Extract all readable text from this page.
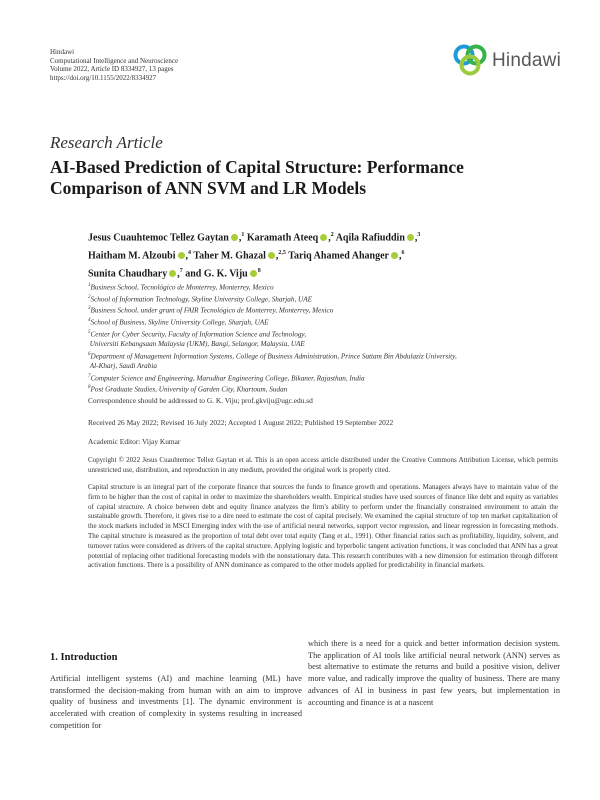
Hindawi
Computational Intelligence and Neuroscience
Volume 2022, Article ID 8334927, 13 pages
https://doi.org/10.1155/2022/8334927
Hindawi
Research Article
AI-Based Prediction of Capital Structure: Performance Comparison of ANN SVM and LR Models
Jesus Cuauhtemoc Tellez Gaytan ,$^1$ Karamath Ateeq ,$^2$ Aqila Rafiuddin ,$^3$
Haitham M. Alzoubi ,$^4$ Taher M. Ghazal ,$^{2,5}$ Tariq Ahamed Ahanger ,$^6$
Sunita Chaudhary ,$^7$ and G. K. Viju $^8$
$^1$Business School, Tecnológico de Monterrey, Monterrey, Mexico
$^2$School of Information Technology, Skyline University College, Sharjah, UAE
$^3$Business School, under grant of FAIR Tecnológico de Monterrey, Monterrey, Mexico
$^4$School of Business, Skyline University College, Sharjah, UAE
$^5$Center for Cyber Security, Faculty of Information Science and Technology,
Universiti Kebangsaan Malaysia (UKM), Bangi, Selangor, Malaysia, UAE
$^6$Department of Management Information Systems, College of Business Administration, Prince Sattam Bin Abdulaziz University,
Al-Kharj, Saudi Arabia
$^7$Computer Science and Engineering, Marudhar Engineering College, Bikaner, Rajasthan, India
$^8$Post Graduate Studies, University of Garden City, Khartoum, Sudan
Correspondence should be addressed to G. K. Viju; prof.gkviju@ugc.edu.sd
Received 26 May 2022; Revised 16 July 2022; Accepted 1 August 2022; Published 19 September 2022
Academic Editor: Vijay Kumar
Copyright © 2022 Jesus Cuauhtemoc Tellez Gaytan et al. This is an open access article distributed under the Creative Commons Attribution License, which permits unrestricted use, distribution, and reproduction in any medium, provided the original work is properly cited.
Capital structure is an integral part of the corporate finance that sources the funds to finance growth and operations. Managers always have to maintain value of the firm to be higher than the cost of capital in order to maximize the shareholders wealth. Empirical studies have used sources of finance like debt and equity as variables of capital structure. A choice between debt and equity finance analyzes the firm's ability to perform under the financially constrained environment to attain the sustainable growth. Therefore, it gives rise to a dire need to estimate the cost of capital precisely. We examined the capital structure of top ten market capitalization of the stock markets included in MSCI Emerging index with the use of artificial neural networks, support vector regression, and linear regression in forecasting methods. The capital structure is measured as the proportion of total debt over total equity (Tang et al., 1991). Other financial ratios such as profitability, liquidity, solvent, and turnover ratios were considered as drivers of the capital structure. Applying logistic and hyperbolic tangent activation functions, it was concluded that ANN has a great potential of replacing other traditional forecasting models with the nonstationary data. This research contributes with a new dimension for estimation through different activation functions. There is a possibility of ANN dominance as compared to the other models applied for predictability in financial markets.
1. Introduction
Artificial intelligent systems (AI) and machine learning (ML) have transformed the decision-making from human with an aim to improve quality of business and investments [1]. The dynamic environment is accelerated with creation of complexity in systems resulting in increased competition for
which there is a need for a quick and better information decision system. The application of AI tools like artificial neural network (ANN) serves as best alternative to estimate the returns and build a positive vision, deliver more value, and radically improve the quality of business. There are many advances of AI in business in past few years, but implementation in accounting and finance is at a nascent
